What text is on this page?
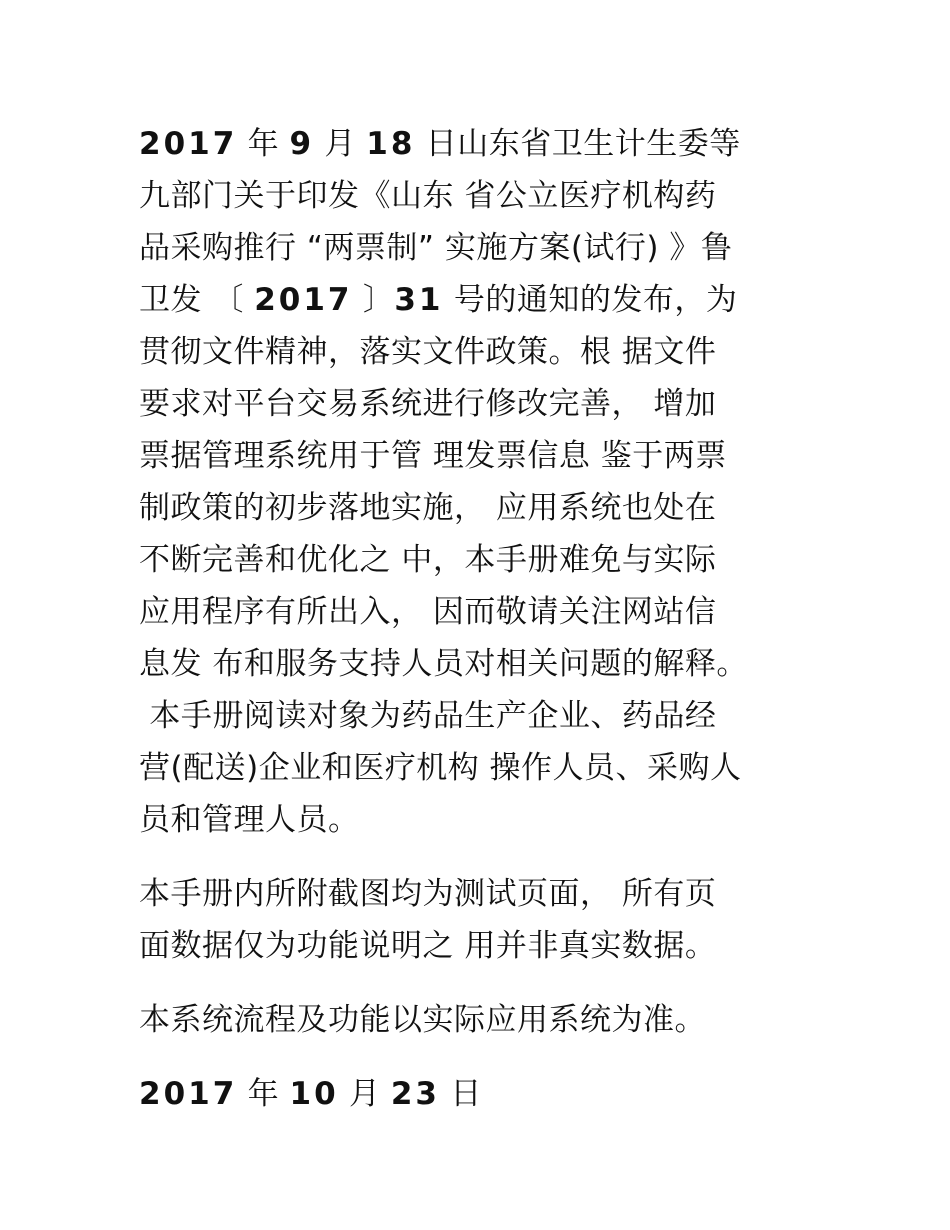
2017 年 9 月 18 日山东省卫生计生委等
九部门关于印发《山东 省公立医疗机构药
品采购推行 “两票制” 实施方案(试行) 》鲁
卫发 〔 2017 〕31 号的通知的发布，为
贯彻文件精神，落实文件政策。根 据文件
要求对平台交易系统进行修改完善， 增加
票据管理系统用于管 理发票信息 鉴于两票
制政策的初步落地实施， 应用系统也处在
不断完善和优化之 中，本手册难免与实际
应用程序有所出入， 因而敬请关注网站信
息发 布和服务支持人员对相关问题的解释。
本手册阅读对象为药品生产企业、药品经
营(配送)企业和医疗机构 操作人员、采购人
员和管理人员。
本手册内所附截图均为测试页面， 所有页
面数据仅为功能说明之 用并非真实数据。
本系统流程及功能以实际应用系统为准。
2017 年 10 月 23 日
